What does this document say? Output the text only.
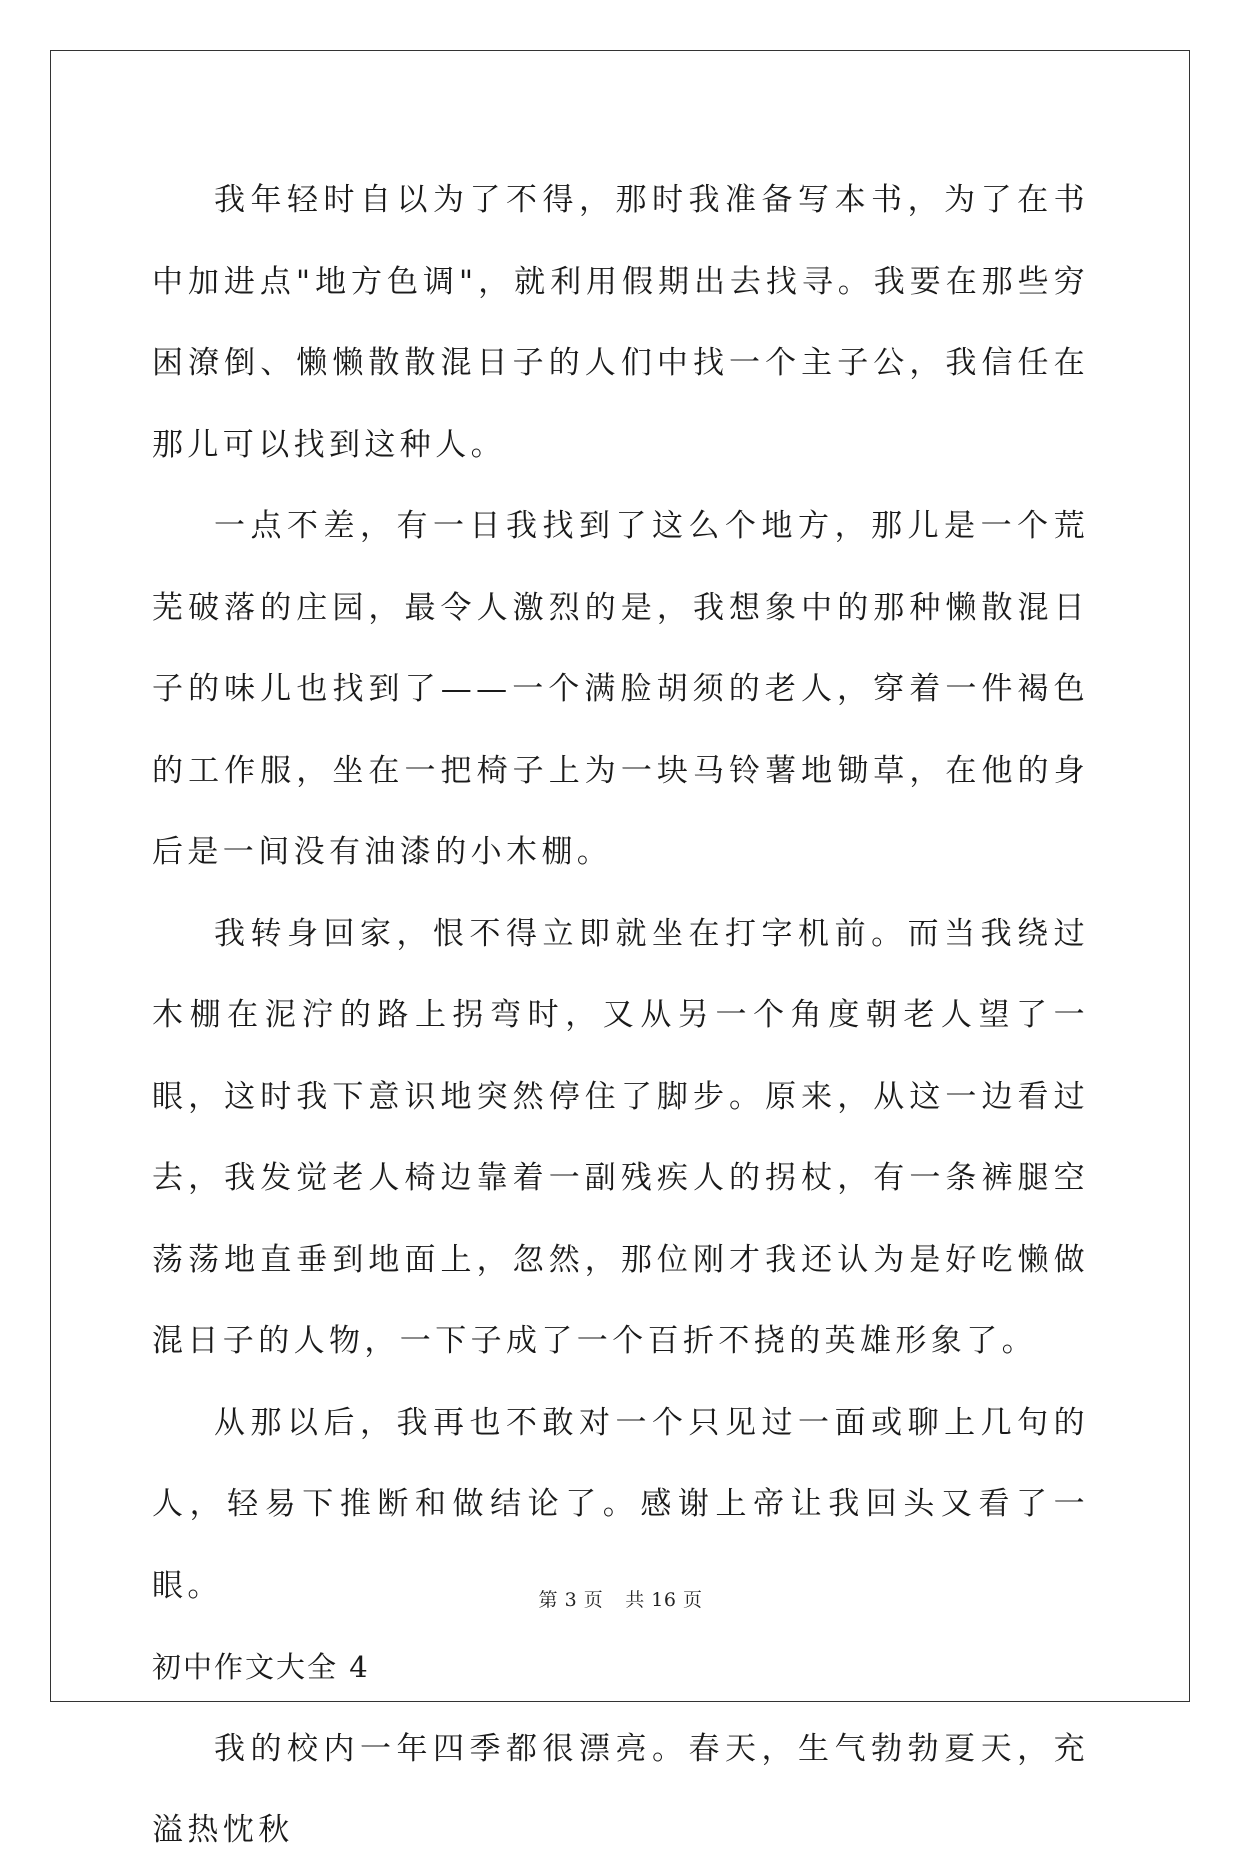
我年轻时自以为了不得，那时我准备写本书，为了在书中加进点"地方色调"，就利用假期出去找寻。我要在那些穷困潦倒、懒懒散散混日子的人们中找一个主子公，我信任在那儿可以找到这种人。

一点不差，有一日我找到了这么个地方，那儿是一个荒芜破落的庄园，最令人激烈的是，我想象中的那种懒散混日子的味儿也找到了——一个满脸胡须的老人，穿着一件褐色的工作服，坐在一把椅子上为一块马铃薯地锄草，在他的身后是一间没有油漆的小木棚。

我转身回家，恨不得立即就坐在打字机前。而当我绕过木棚在泥泞的路上拐弯时，又从另一个角度朝老人望了一眼，这时我下意识地突然停住了脚步。原来，从这一边看过去，我发觉老人椅边靠着一副残疾人的拐杖，有一条裤腿空荡荡地直垂到地面上，忽然，那位刚才我还认为是好吃懒做混日子的人物，一下子成了一个百折不挠的英雄形象了。

从那以后，我再也不敢对一个只见过一面或聊上几句的人，轻易下推断和做结论了。感谢上帝让我回头又看了一眼。

初中作文大全 4

我的校内一年四季都很漂亮。春天，生气勃勃夏天，充溢热忱秋

第 3 页 共 16 页
